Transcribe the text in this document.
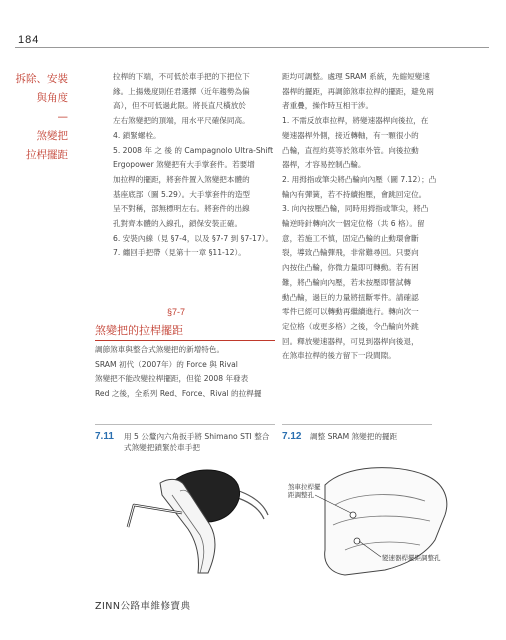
184
拆除、安裝
與角度
—
煞變把
拉桿擺距

拉桿的下端，不可低於車手把的下把位下

緣。上揚幾度則任君選擇（近年趨勢為偏

高），但不可低過此限。將長直尺橫放於

左右煞變把的頂端，用水平尺確保同高。

4. 鎖緊螺栓。

5. 2008 年 之 後 的 Campagnolo Ultra-Shift

Ergopower 煞變把有大手掌套件。若要增

加拉桿的擺距，將套件置入煞變把本體的

基座底部（圖 5.29）。大手掌套件的造型

呈不對稱，部無標明左右。將套件的出線

孔對齊本體的入線孔，鎖保安裝正確。

6. 安裝內線（見 §7-4，以及 §7-7 到 §7-17）。

7. 纏回手把帶（見第十一章 §11-12）。

距均可調整。處理 SRAM 系統，先縮短變速

器桿的擺距，再調節煞車拉桿的擺距，避免兩

者重疊，操作時互相干涉。

1. 不需反放車拉桿，將變速器桿向後拉，在

變速器桿外側，接近轉軸，有一顆很小的

凸輪，直徑約莫等於煞車外管。向後拉動

器桿，才容易控制凸輪。

2. 用拇指或筆尖將凸輪向內壓（圖 7.12）；凸

輪內有彈簧，若不持續抱壓，會跳回定位。

3. 向內按壓凸輪，同時用拇指或筆尖，將凸

輪逆時針轉向次一個定位格（共 6 格）。留

意，若施工不慎，固定凸輪的止動環會斷

裂，導致凸輪彈飛，非常難尋回。只要向

內按住凸輪，你微力量即可轉動。若有困

難，將凸輪向內壓，若未按壓即嘗試轉

動凸輪，過巨的力量將扭斷零件。請確認

零件已經可以轉動再繼續進行。轉向次一

定位格（或更多格）之後，令凸輪向外跳

回。釋放變速器桿，可見到器桿向後退，

在煞車拉桿的後方留下一段間隙。

§7-7
煞變把的拉桿擺距

調節煞車與整合式煞變把的新增特色。

SRAM 初代（2007年）的 Force 與 Rival

煞變把不能改變拉桿擺距，但從 2008 年發表

Red 之後，全系列 Red、Force、Rival 的拉桿擺

7.11 用 5 公釐內六角扳手將 Shimano STI 整合
式煞變把鎖緊於車手把
7.12 調整 SRAM 煞變把的擺距
煞車拉桿擺
距調整孔
變速器桿擺距調整孔
ZINN公路車維修寶典
